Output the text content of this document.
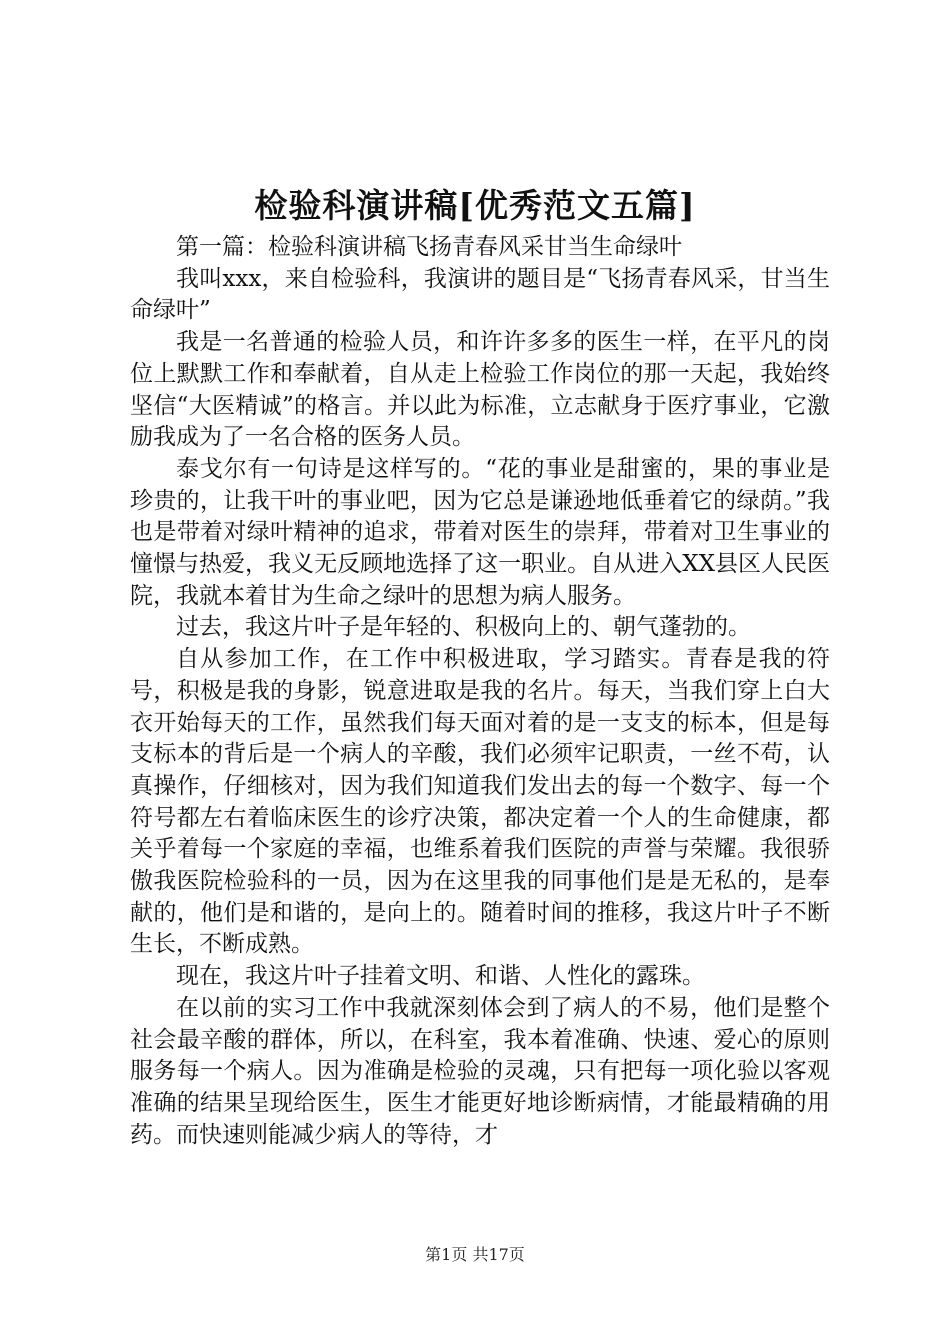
检验科演讲稿[优秀范文五篇]

第一篇：检验科演讲稿飞扬青春风采甘当生命绿叶

我叫xxx，来自检验科，我演讲的题目是“飞扬青春风采，甘当生命绿叶”

我是一名普通的检验人员，和许许多多的医生一样，在平凡的岗位上默默工作和奉献着，自从走上检验工作岗位的那一天起，我始终坚信“大医精诚”的格言。并以此为标准，立志献身于医疗事业，它激励我成为了一名合格的医务人员。

泰戈尔有一句诗是这样写的。“花的事业是甜蜜的，果的事业是珍贵的，让我干叶的事业吧，因为它总是谦逊地低垂着它的绿荫。”我也是带着对绿叶精神的追求，带着对医生的崇拜，带着对卫生事业的憧憬与热爱，我义无反顾地选择了这一职业。自从进入XX县区人民医院，我就本着甘为生命之绿叶的思想为病人服务。

过去，我这片叶子是年轻的、积极向上的、朝气蓬勃的。

自从参加工作，在工作中积极进取，学习踏实。青春是我的符号，积极是我的身影，锐意进取是我的名片。每天，当我们穿上白大衣开始每天的工作，虽然我们每天面对着的是一支支的标本，但是每支标本的背后是一个病人的辛酸，我们必须牢记职责，一丝不苟，认真操作，仔细核对，因为我们知道我们发出去的每一个数字、每一个符号都左右着临床医生的诊疗决策，都决定着一个人的生命健康，都关乎着每一个家庭的幸福，也维系着我们医院的声誉与荣耀。我很骄傲我医院检验科的一员，因为在这里我的同事他们是是无私的，是奉献的，他们是和谐的，是向上的。随着时间的推移，我这片叶子不断生长，不断成熟。

现在，我这片叶子挂着文明、和谐、人性化的露珠。

在以前的实习工作中我就深刻体会到了病人的不易，他们是整个社会最辛酸的群体，所以，在科室，我本着准确、快速、爱心的原则服务每一个病人。因为准确是检验的灵魂，只有把每一项化验以客观准确的结果呈现给医生，医生才能更好地诊断病情，才能最精确的用药。而快速则能减少病人的等待，才

第1页 共17页
